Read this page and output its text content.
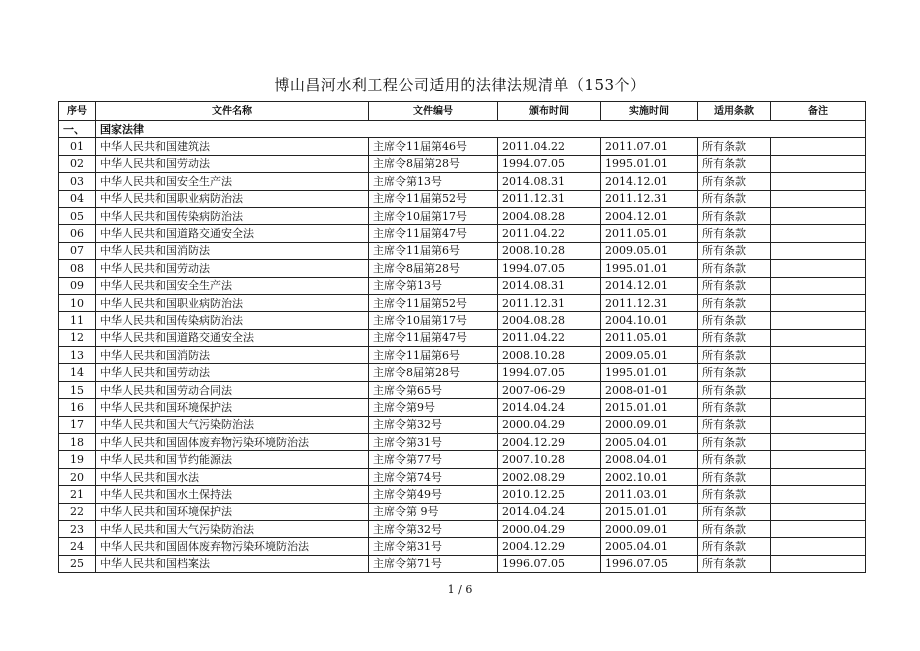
博山昌河水利工程公司适用的法律法规清单（153个）
序号	文件名称	文件编号	颁布时间	实施时间	适用条款	备注
一、	国家法律					
01	中华人民共和国建筑法	主席令11届第46号	2011.04.22	2011.07.01	所有条款	
02	中华人民共和国劳动法	主席令8届第28号	1994.07.05	1995.01.01	所有条款	
03	中华人民共和国安全生产法	主席令第13号	2014.08.31	2014.12.01	所有条款	
04	中华人民共和国职业病防治法	主席令11届第52号	2011.12.31	2011.12.31	所有条款	
05	中华人民共和国传染病防治法	主席令10届第17号	2004.08.28	2004.12.01	所有条款	
06	中华人民共和国道路交通安全法	主席令11届第47号	2011.04.22	2011.05.01	所有条款	
07	中华人民共和国消防法	主席令11届第6号	2008.10.28	2009.05.01	所有条款	
08	中华人民共和国劳动法	主席令8届第28号	1994.07.05	1995.01.01	所有条款	
09	中华人民共和国安全生产法	主席令第13号	2014.08.31	2014.12.01	所有条款	
10	中华人民共和国职业病防治法	主席令11届第52号	2011.12.31	2011.12.31	所有条款	
11	中华人民共和国传染病防治法	主席令10届第17号	2004.08.28	2004.10.01	所有条款	
12	中华人民共和国道路交通安全法	主席令11届第47号	2011.04.22	2011.05.01	所有条款	
13	中华人民共和国消防法	主席令11届第6号	2008.10.28	2009.05.01	所有条款	
14	中华人民共和国劳动法	主席令8届第28号	1994.07.05	1995.01.01	所有条款	
15	中华人民共和国劳动合同法	主席令第65号	2007-06-29	2008-01-01	所有条款	
16	中华人民共和国环境保护法	主席令第9号	2014.04.24	2015.01.01	所有条款	
17	中华人民共和国大气污染防治法	主席令第32号	2000.04.29	2000.09.01	所有条款	
18	中华人民共和国固体废弃物污染环境防治法	主席令第31号	2004.12.29	2005.04.01	所有条款	
19	中华人民共和国节约能源法	主席令第77号	2007.10.28	2008.04.01	所有条款	
20	中华人民共和国水法	主席令第74号	2002.08.29	2002.10.01	所有条款	
21	中华人民共和国水土保持法	主席令第49号	2010.12.25	2011.03.01	所有条款	
22	中华人民共和国环境保护法	主席令第 9号	2014.04.24	2015.01.01	所有条款	
23	中华人民共和国大气污染防治法	主席令第32号	2000.04.29	2000.09.01	所有条款	
24	中华人民共和国固体废弃物污染环境防治法	主席令第31号	2004.12.29	2005.04.01	所有条款	
25	中华人民共和国档案法	主席令第71号	1996.07.05	1996.07.05	所有条款	
1 / 6
